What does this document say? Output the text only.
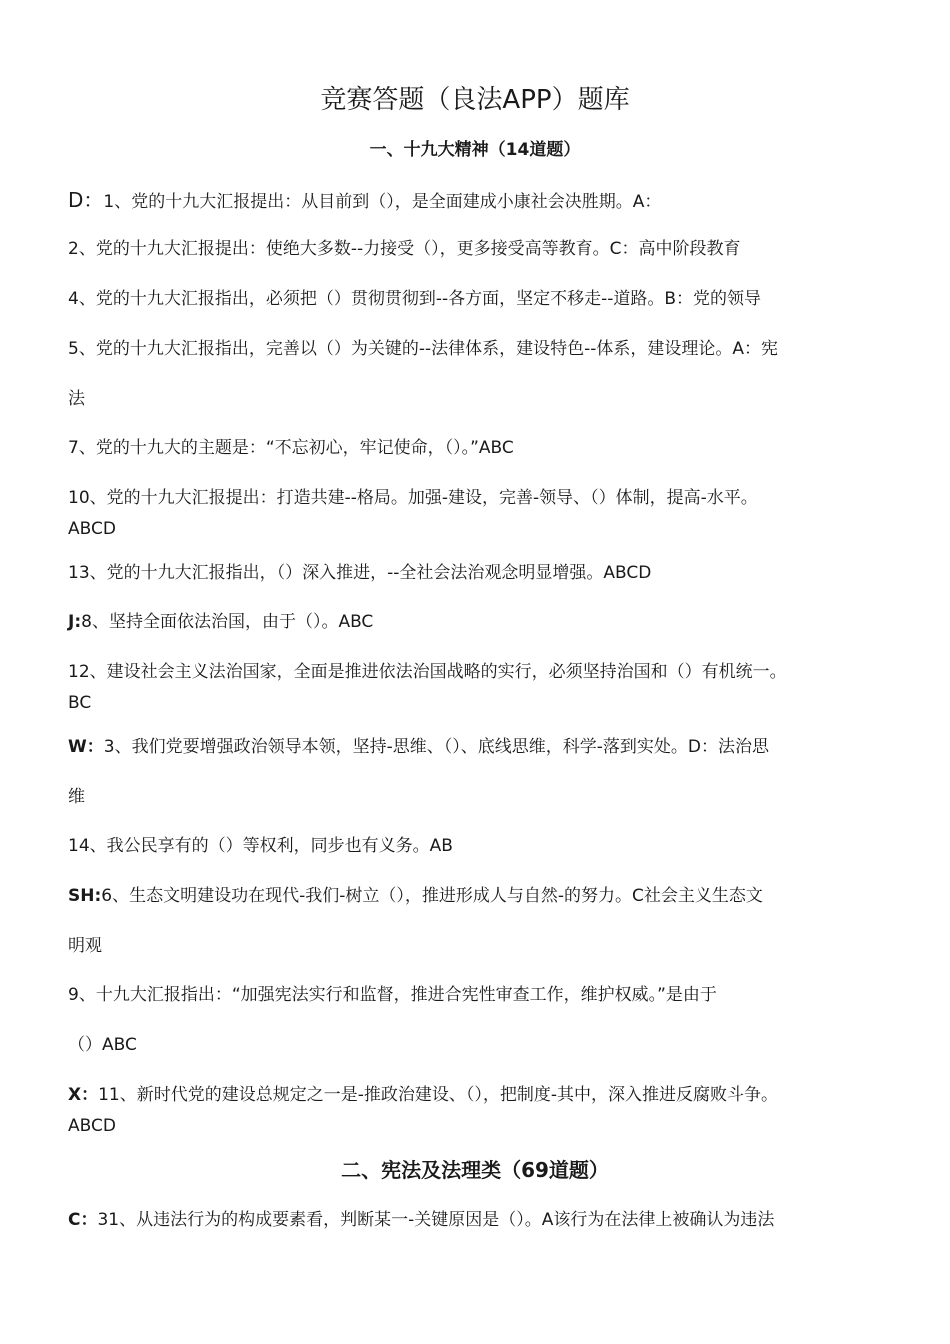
竞赛答题（良法APP）题库
一、十九大精神（14道题）

D：1、党的十九大汇报提出：从目前到（），是全面建成小康社会决胜期。A：

2、党的十九大汇报提出：使绝大多数--力接受（），更多接受高等教育。C：高中阶段教育

4、党的十九大汇报指出，必须把（）贯彻贯彻到--各方面，坚定不移走--道路。B：党的领导

5、党的十九大汇报指出，完善以（）为关键的--法律体系，建设特色--体系，建设理论。A：宪
法

7、党的十九大的主题是：“不忘初心，牢记使命，（）。”ABC

10、党的十九大汇报提出：打造共建--格局。加强-建设，完善-领导、（）体制，提高-水平。
ABCD

13、党的十九大汇报指出，（）深入推进，--全社会法治观念明显增强。ABCD

J:8、坚持全面依法治国，由于（）。ABC

12、建设社会主义法治国家，全面是推进依法治国战略的实行，必须坚持治国和（）有机统一。
BC

W：3、我们党要增强政治领导本领，坚持-思维、（）、底线思维，科学-落到实处。D：法治思
维

14、我公民享有的（）等权利，同步也有义务。AB

SH:6、生态文明建设功在现代-我们-树立（），推进形成人与自然-的努力。C社会主义生态文
明观

9、十九大汇报指出：“加强宪法实行和监督，推进合宪性审查工作，维护权威。”是由于
（）ABC

X：11、新时代党的建设总规定之一是-推政治建设、（），把制度-其中，深入推进反腐败斗争。
ABCD

二、宪法及法理类（69道题）

C：31、从违法行为的构成要素看，判断某一-关键原因是（）。A该行为在法律上被确认为违法
